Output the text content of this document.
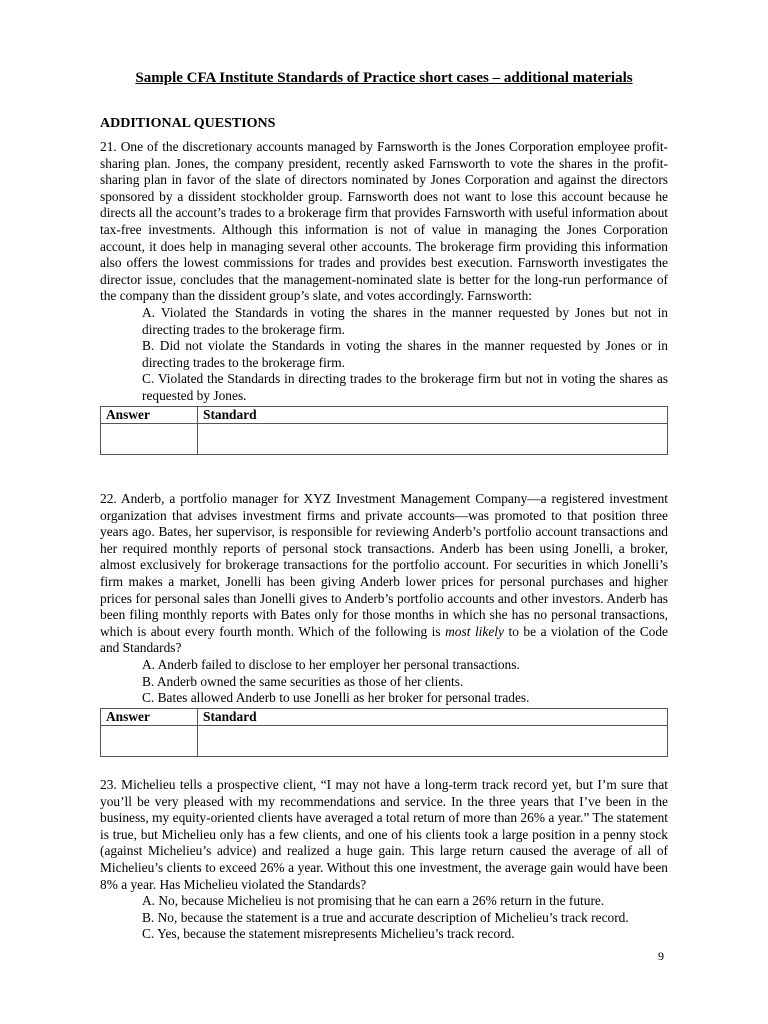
Sample CFA Institute Standards of Practice short cases – additional materials
ADDITIONAL QUESTIONS

21. One of the discretionary accounts managed by Farnsworth is the Jones Corporation employee profit-sharing plan. Jones, the company president, recently asked Farnsworth to vote the shares in the profit-sharing plan in favor of the slate of directors nominated by Jones Corporation and against the directors sponsored by a dissident stockholder group. Farnsworth does not want to lose this account because he directs all the account’s trades to a brokerage firm that provides Farnsworth with useful information about tax-free investments. Although this information is not of value in managing the Jones Corporation account, it does help in managing several other accounts. The brokerage firm providing this information also offers the lowest commissions for trades and provides best execution. Farnsworth investigates the director issue, concludes that the management-nominated slate is better for the long-run performance of the company than the dissident group’s slate, and votes accordingly. Farnsworth:

A. Violated the Standards in voting the shares in the manner requested by Jones but not in directing trades to the brokerage firm.

B. Did not violate the Standards in voting the shares in the manner requested by Jones or in directing trades to the brokerage firm.

C. Violated the Standards in directing trades to the brokerage firm but not in voting the shares as requested by Jones.

Answer	Standard

22. Anderb, a portfolio manager for XYZ Investment Management Company—a registered investment organization that advises investment firms and private accounts—was promoted to that position three years ago. Bates, her supervisor, is responsible for reviewing Anderb’s portfolio account transactions and her required monthly reports of personal stock transactions. Anderb has been using Jonelli, a broker, almost exclusively for brokerage transactions for the portfolio account. For securities in which Jonelli’s firm makes a market, Jonelli has been giving Anderb lower prices for personal purchases and higher prices for personal sales than Jonelli gives to Anderb’s portfolio accounts and other investors. Anderb has been filing monthly reports with Bates only for those months in which she has no personal transactions, which is about every fourth month. Which of the following is most likely to be a violation of the Code and Standards?

A. Anderb failed to disclose to her employer her personal transactions.

B. Anderb owned the same securities as those of her clients.

C. Bates allowed Anderb to use Jonelli as her broker for personal trades.

Answer	Standard

23. Michelieu tells a prospective client, “I may not have a long-term track record yet, but I’m sure that you’ll be very pleased with my recommendations and service. In the three years that I’ve been in the business, my equity-oriented clients have averaged a total return of more than 26% a year.” The statement is true, but Michelieu only has a few clients, and one of his clients took a large position in a penny stock (against Michelieu’s advice) and realized a huge gain. This large return caused the average of all of Michelieu’s clients to exceed 26% a year. Without this one investment, the average gain would have been 8% a year. Has Michelieu violated the Standards?

A. No, because Michelieu is not promising that he can earn a 26% return in the future.

B. No, because the statement is a true and accurate description of Michelieu’s track record.

C. Yes, because the statement misrepresents Michelieu’s track record.

9
